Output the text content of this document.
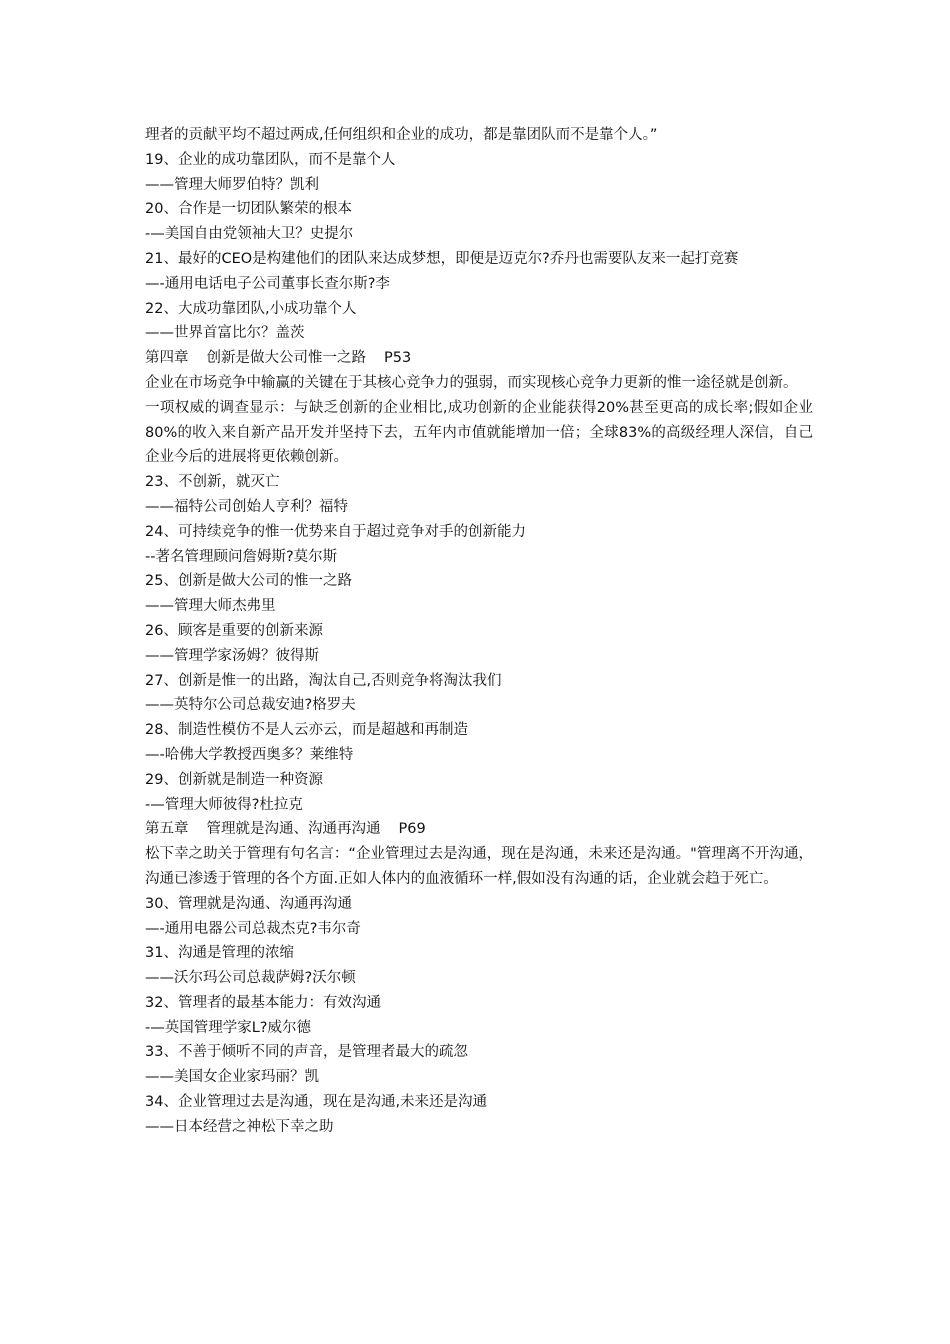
理者的贡献平均不超过两成,任何组织和企业的成功，都是靠团队而不是靠个人。”
19、企业的成功靠团队，而不是靠个人
——管理大师罗伯特？凯利
20、合作是一切团队繁荣的根本
-—美国自由党领袖大卫？史提尔
21、最好的CEO是构建他们的团队来达成梦想，即便是迈克尔?乔丹也需要队友来一起打竞赛
—-通用电话电子公司董事长查尔斯?李
22、大成功靠团队,小成功靠个人
——世界首富比尔？盖茨
第四章 创新是做大公司惟一之路 P53
企业在市场竞争中输赢的关键在于其核心竞争力的强弱，而实现核心竞争力更新的惟一途径就是创新。
一项权威的调查显示：与缺乏创新的企业相比,成功创新的企业能获得20%甚至更高的成长率;假如企业80%的收入来自新产品开发并坚持下去，五年内市值就能增加一倍；全球83%的高级经理人深信，自己企业今后的进展将更依赖创新。
23、不创新，就灭亡
——福特公司创始人亨利？福特
24、可持续竞争的惟一优势来自于超过竞争对手的创新能力
--著名管理顾问詹姆斯?莫尔斯
25、创新是做大公司的惟一之路
——管理大师杰弗里
26、顾客是重要的创新来源
——管理学家汤姆？彼得斯
27、创新是惟一的出路，淘汰自己,否则竞争将淘汰我们
——英特尔公司总裁安迪?格罗夫
28、制造性模仿不是人云亦云，而是超越和再制造
—-哈佛大学教授西奥多？莱维特
29、创新就是制造一种资源
-—管理大师彼得?杜拉克
第五章 管理就是沟通、沟通再沟通 P69
松下幸之助关于管理有句名言：“企业管理过去是沟通，现在是沟通，未来还是沟通。"管理离不开沟通，沟通已渗透于管理的各个方面.正如人体内的血液循环一样,假如没有沟通的话，企业就会趋于死亡。
30、管理就是沟通、沟通再沟通
—-通用电器公司总裁杰克?韦尔奇
31、沟通是管理的浓缩
——沃尔玛公司总裁萨姆?沃尔顿
32、管理者的最基本能力：有效沟通
-—英国管理学家L?威尔德
33、不善于倾听不同的声音，是管理者最大的疏忽
——美国女企业家玛丽？凯
34、企业管理过去是沟通，现在是沟通,未来还是沟通
——日本经营之神松下幸之助
